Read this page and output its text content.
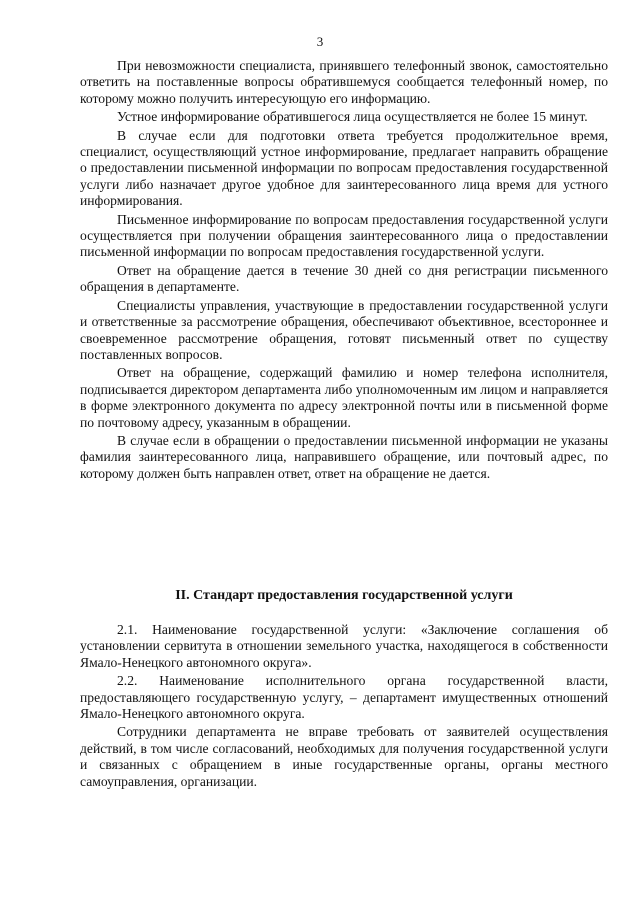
3

При невозможности специалиста, принявшего телефонный звонок, самостоятельно ответить на поставленные вопросы обратившемуся сообщается телефонный номер, по которому можно получить интересующую его информацию.

Устное информирование обратившегося лица осуществляется не более 15 минут.

В случае если для подготовки ответа требуется продолжительное время, специалист, осуществляющий устное информирование, предлагает направить обращение о предоставлении письменной информации по вопросам предоставления государственной услуги либо назначает другое удобное для заинтересованного лица время для устного информирования.

Письменное информирование по вопросам предоставления государственной услуги осуществляется при получении обращения заинтересованного лица о предоставлении письменной информации по вопросам предоставления государственной услуги.

Ответ на обращение дается в течение 30 дней со дня регистрации письменного обращения в департаменте.

Специалисты управления, участвующие в предоставлении государственной услуги и ответственные за рассмотрение обращения, обеспечивают объективное, всестороннее и своевременное рассмотрение обращения, готовят письменный ответ по существу поставленных вопросов.

Ответ на обращение, содержащий фамилию и номер телефона исполнителя, подписывается директором департамента либо уполномоченным им лицом и направляется в форме электронного документа по адресу электронной почты или в письменной форме по почтовому адресу, указанным в обращении.

В случае если в обращении о предоставлении письменной информации не указаны фамилия заинтересованного лица, направившего обращение, или почтовый адрес, по которому должен быть направлен ответ, ответ на обращение не дается.

II. Стандарт предоставления государственной услуги

2.1. Наименование государственной услуги: «Заключение соглашения об установлении сервитута в отношении земельного участка, находящегося в собственности Ямало-Ненецкого автономного округа».

2.2. Наименование исполнительного органа государственной власти, предоставляющего государственную услугу, – департамент имущественных отношений Ямало-Ненецкого автономного округа.

Сотрудники департамента не вправе требовать от заявителей осуществления действий, в том числе согласований, необходимых для получения государственной услуги и связанных с обращением в иные государственные органы, органы местного самоуправления, организации.
